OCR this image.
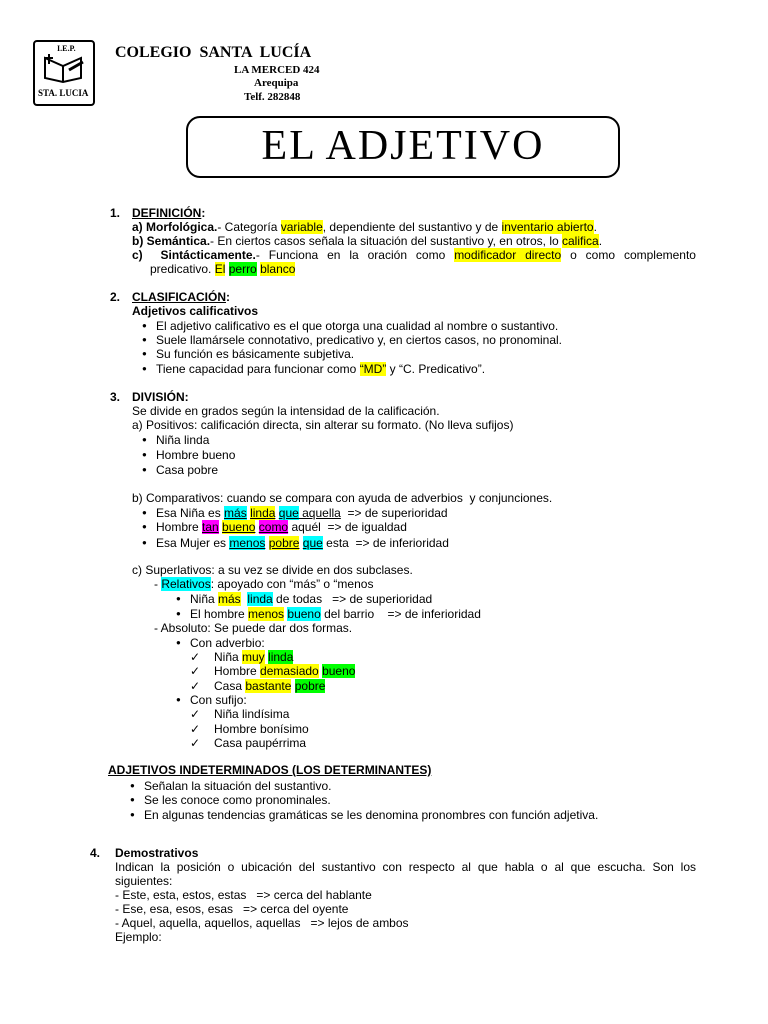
I.E.P.
STA. LUCIA
COLEGIO  SANTA  LUCÍA
LA MERCED 424
Arequipa
Telf. 282848
EL ADJETIVO
1. DEFINICIÓN:
a) Morfológica.- Categoría variable, dependiente del sustantivo y de inventario abierto.
b) Semántica.- En ciertos casos señala la situación del sustantivo y, en otros, lo califica.
c)  Sintácticamente.- Funciona en la oración como modificador directo o como complemento
predicativo. El perro blanco
2. CLASIFICACIÓN:
Adjetivos calificativos
● El adjetivo calificativo es el que otorga una cualidad al nombre o sustantivo.
● Suele llamársele connotativo, predicativo y, en ciertos casos, no pronominal.
● Su función es básicamente subjetiva.
● Tiene capacidad para funcionar como “MD” y “C. Predicativo”.
3. DIVISIÓN:
Se divide en grados según la intensidad de la calificación.
a) Positivos: calificación directa, sin alterar su formato. (No lleva sufijos)
● Niña linda
● Hombre bueno
● Casa pobre
b) Comparativos: cuando se compara con ayuda de adverbios  y conjunciones.
● Esa Niña es más linda que aquella  => de superioridad
● Hombre tan bueno como aquél  => de igualdad
● Esa Mujer es menos pobre que esta  => de inferioridad
c) Superlativos: a su vez se divide en dos subclases.
- Relativos: apoyado con “más” o “menos
● Niña más linda de todas   => de superioridad
● El hombre menos bueno del barrio    => de inferioridad
- Absoluto: Se puede dar dos formas.
● Con adverbio:
✓ Niña muy linda
✓ Hombre demasiado bueno
✓ Casa bastante pobre
● Con sufijo:
✓ Niña lindísima
✓ Hombre bonísimo
✓ Casa paupérrima
ADJETIVOS INDETERMINADOS (LOS DETERMINANTES)
● Señalan la situación del sustantivo.
● Se les conoce como pronominales.
● En algunas tendencias gramáticas se les denomina pronombres con función adjetiva.
4. Demostrativos
Indican la posición o ubicación del sustantivo con respecto al que habla o al que escucha. Son los
siguientes:
- Este, esta, estos, estas   => cerca del hablante
- Ese, esa, esos, esas   => cerca del oyente
- Aquel, aquella, aquellos, aquellas   => lejos de ambos
Ejemplo:
